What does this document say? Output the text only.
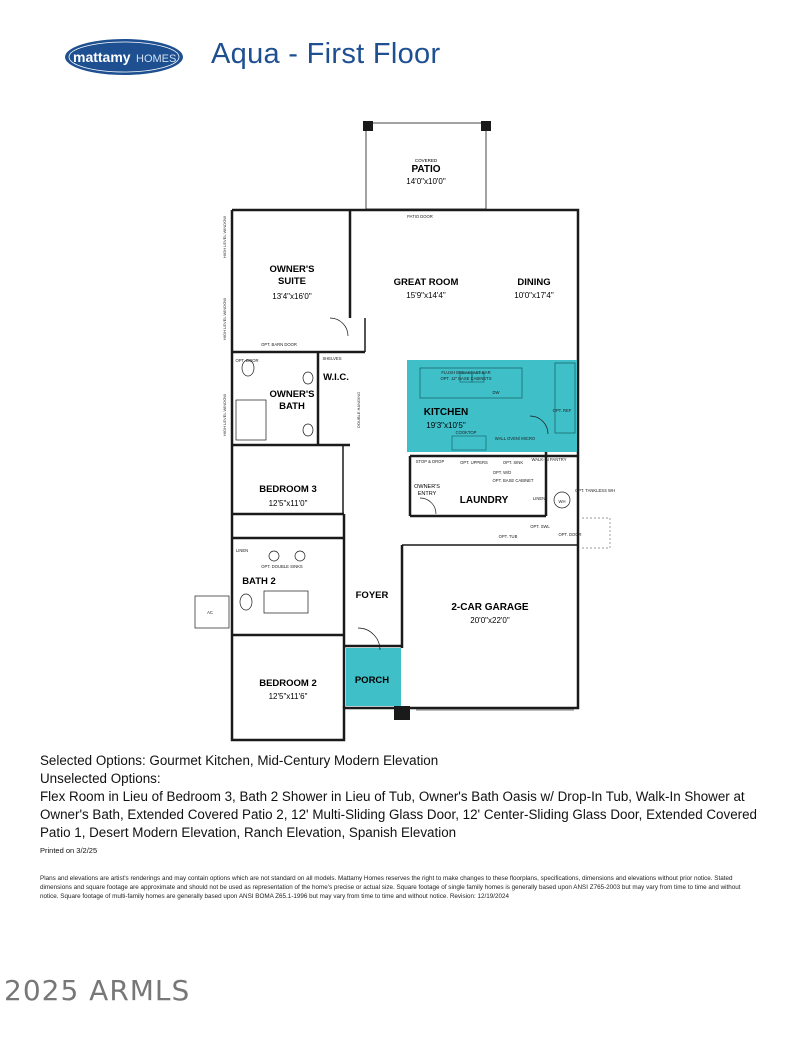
mattamy HOMES Aqua - First Floor
COVERED
PATIO
14'0"x10'0"
OWNER'S
SUITE
13'4"x16'0"
GREAT ROOM
15'9"x14'4"
DINING
10'0"x17'4"
OWNER'S
BATH
W.I.C.
KITCHEN
19'3"x10'5"
BEDROOM 3
12'5"x11'0"	LAUNDRY
OWNER'S
ENTRY
BATH 2
FOYER
2-CAR GARAGE
20'0"x22'0"
PORCH
BEDROOM 2
12'5"x11'6"
PATIO DOOR
OPT. BARN DOOR
OPT. DOOR	SHELVES
FLUSH BREAKFAST BAR
OPT. 12" BASE CABINETS
DW
OPT. REF
COOKTOP
WALL OVEN/ MICRO
WALK-IN PANTRY
STOP & DROP	OPT. UPPERS	OPT. SINK
OPT. W/D
OPT. BASE CABINET
LINEN
WH
OPT. TANKLESS WH
OPT. TUB
OPT. SWL
OPT. DOOR
LINEN
OPT. DOUBLE SINKS
AC
HIGH LEVEL WINDOW
HIGH LEVEL WINDOW
HIGH LEVEL WINDOW	DOUBLE HANGING
Selected Options: Gourmet Kitchen, Mid-Century Modern Elevation
Unselected Options:
Flex Room in Lieu of Bedroom 3, Bath 2 Shower in Lieu of Tub, Owner's Bath Oasis w/ Drop-In Tub, Walk-In Shower at Owner's Bath, Extended Covered Patio 2, 12' Multi-Sliding Glass Door, 12' Center-Sliding Glass Door, Extended Covered Patio 1, Desert Modern Elevation, Ranch Elevation, Spanish Elevation
Printed on 3/2/25
Plans and elevations are artist's renderings and may contain options which are not standard on all models. Mattamy Homes reserves the right to make changes to these floorplans, specifications, dimensions and elevations without prior notice. Stated dimensions and square footage are approximate and should not be used as representation of the home's precise or actual size. Square footage of single family homes is generally based upon ANSI Z765-2003 but may vary from time to time and without notice. Square footage of multi-family homes are generally based upon ANSI BOMA Z65.1-1996 but may vary from time to time and without notice. Revision: 12/19/2024
2025 ARMLS
